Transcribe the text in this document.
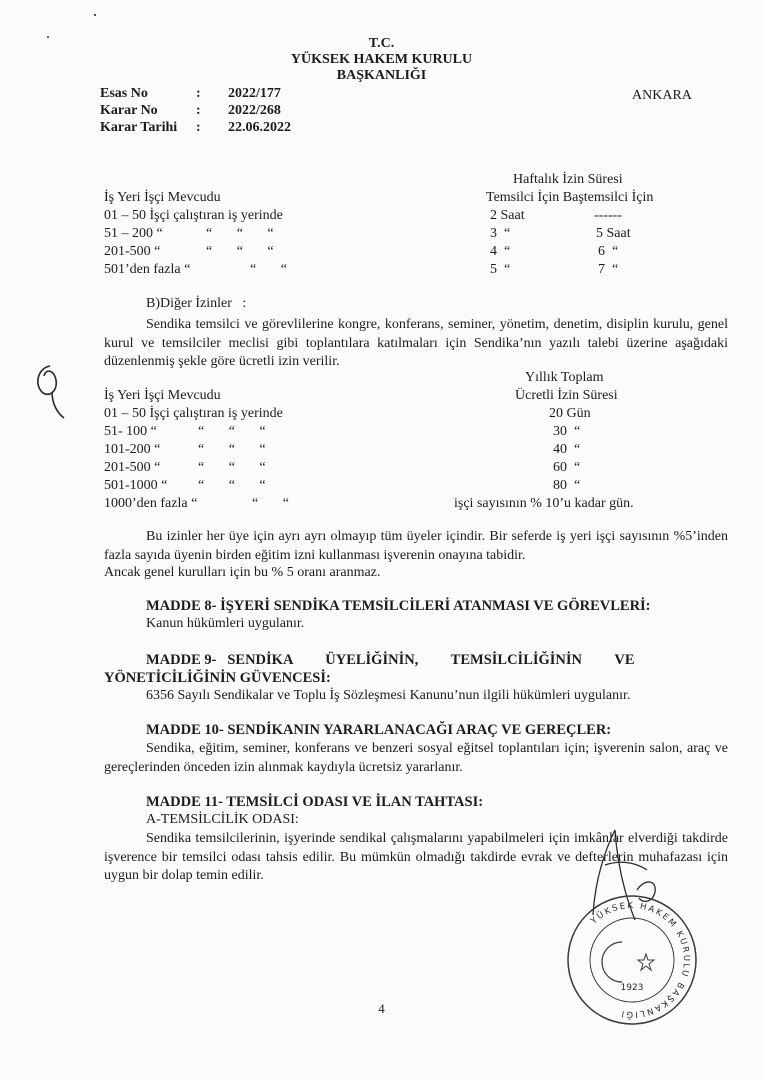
T.C.
YÜKSEK HAKEM KURULU
BAŞKANLIĞI
ANKARA
Esas No	: 2022/177
Karar No	: 2022/268
Karar Tarihi : 22.06.2022
Haftalık İzin Süresi
Temsilci İçin Baştemsilci İçin
İş Yeri İşçi Mevcudu
01 – 50 İşçi çalıştıran iş yerinde	2 Saat	------
51 – 200 “	“       “       “	3  “	5 Saat
201-500 “	“       “       “	4  “	6  “
501’den fazla “	“       “	5  “	7  “
B)Diğer İzinler   :
Sendika temsilci ve görevlilerine kongre, konferans, seminer, yönetim, denetim, disiplin kurulu, genel kurul ve temsilciler meclisi gibi toplantılara katılmaları için Sendika’nın yazılı talebi üzerine aşağıdaki düzenlenmiş şekle göre ücretli izin verilir.
Yıllık Toplam
Ücretli İzin Süresi
İş Yeri İşçi Mevcudu
01 – 50 İşçi çalıştıran iş yerinde	20 Gün
51- 100 “	“       “       “	30  “
101-200 “	“       “       “	40  “
201-500 “	“       “       “	60  “
501-1000 “ “       “       “	80  “
1000’den fazla “	“       “	işçi sayısının % 10’u kadar gün.
Bu izinler her üye için ayrı ayrı olmayıp tüm üyeler içindir. Bir seferde iş yeri işçi sayısının %5’inden fazla sayıda üyenin birden eğitim izni kullanması işverenin onayına tabidir.
Ancak genel kurulları için bu % 5 oranı aranmaz.
MADDE 8- İŞYERİ SENDİKA TEMSİLCİLERİ ATANMASI VE GÖREVLERİ:
Kanun hükümleri uygulanır.
MADDE 9-   SENDİKA         ÜYELİĞİNİN,         TEMSİLCİLİĞİNİN         VE
YÖNETİCİLİĞİNİN GÜVENCESİ:
6356 Sayılı Sendikalar ve Toplu İş Sözleşmesi Kanunu’nun ilgili hükümleri uygulanır.
MADDE 10- SENDİKANIN YARARLANACAĞI ARAÇ VE GEREÇLER:
Sendika, eğitim, seminer, konferans ve benzeri sosyal eğitsel toplantıları için; işverenin salon, araç ve gereçlerinden önceden izin alınmak kaydıyla ücretsiz yararlanır.
MADDE 11- TEMSİLCİ ODASI VE İLAN TAHTASI:
A-TEMSİLCİLİK ODASI:
Sendika temsilcilerinin, işyerinde sendikal çalışmalarını yapabilmeleri için imkânlar elverdiği takdirde işverence bir temsilci odası tahsis edilir. Bu mümkün olmadığı takdirde evrak ve defterlerin muhafazası için uygun bir dolap temin edilir.
YÜKSEK HAKEM KURULU BAŞKANLIĞI
1923
4
